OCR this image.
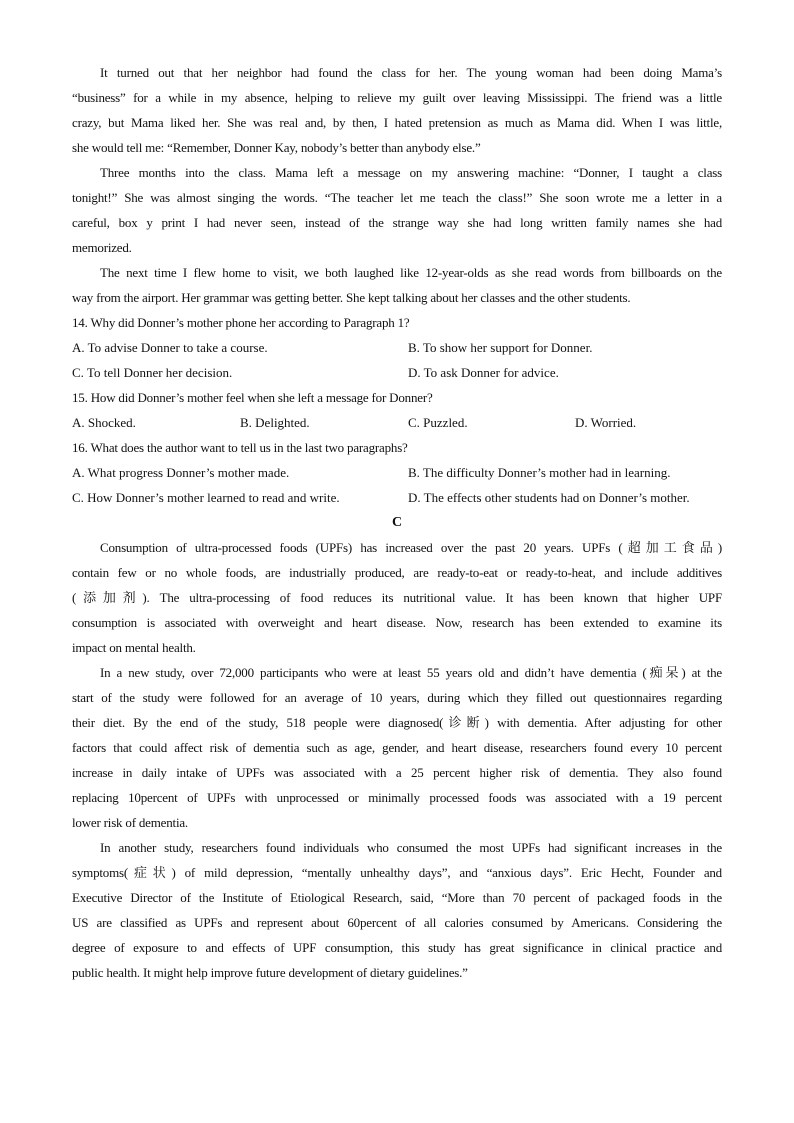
It turned out that her neighbor had found the class for her. The young woman had been doing Mama’s
“business” for a while in my absence, helping to relieve my guilt over leaving Mississippi. The friend was a little
crazy, but Mama liked her. She was real and, by then, I hated pretension as much as Mama did. When I was little,
she would tell me: “Remember, Donner Kay, nobody’s better than anybody else.”
Three months into the class. Mama left a message on my answering machine: “Donner, I taught a class
tonight!” She was almost singing the words. “The teacher let me teach the class!” She soon wrote me a letter in a
careful, box y print I had never seen, instead of the strange way she had long written family names she had
memorized.
The next time I flew home to visit, we both laughed like 12-year-olds as she read words from billboards on the
way from the airport. Her grammar was getting better. She kept talking about her classes and the other students.
14. Why did Donner’s mother phone her according to Paragraph 1?
A. To advise Donner to take a course.	B. To show her support for Donner.
C. To tell Donner her decision.	D. To ask Donner for advice.
15. How did Donner’s mother feel when she left a message for Donner?
A. Shocked.	B. Delighted.	C. Puzzled.	D. Worried.
16. What does the author want to tell us in the last two paragraphs?
A. What progress Donner’s mother made.	B. The difficulty Donner’s mother had in learning.
C. How Donner’s mother learned to read and write.	D. The effects other students had on Donner’s mother.
C
Consumption of ultra-processed foods (UPFs) has increased over the past 20 years. UPFs (超加工食品)
contain few or no whole foods, are industrially produced, are ready-to-eat or ready-to-heat, and include additives
(添加剂). The ultra-processing of food reduces its nutritional value. It has been known that higher UPF
consumption is associated with overweight and heart disease. Now, research has been extended to examine its
impact on mental health.
In a new study, over 72,000 participants who were at least 55 years old and didn’t have dementia (痴呆) at the
start of the study were followed for an average of 10 years, during which they filled out questionnaires regarding
their diet. By the end of the study, 518 people were diagnosed(诊断) with dementia. After adjusting for other
factors that could affect risk of dementia such as age, gender, and heart disease, researchers found every 10 percent
increase in daily intake of UPFs was associated with a 25 percent higher risk of dementia. They also found
replacing 10percent of UPFs with unprocessed or minimally processed foods was associated with a 19 percent
lower risk of dementia.
In another study, researchers found individuals who consumed the most UPFs had significant increases in the
symptoms(症状) of mild depression, “mentally unhealthy days”, and “anxious days”. Eric Hecht, Founder and
Executive Director of the Institute of Etiological Research, said, “More than 70 percent of packaged foods in the
US are classified as UPFs and represent about 60percent of all calories consumed by Americans. Considering the
degree of exposure to and effects of UPF consumption, this study has great significance in clinical practice and
public health. It might help improve future development of dietary guidelines.”
